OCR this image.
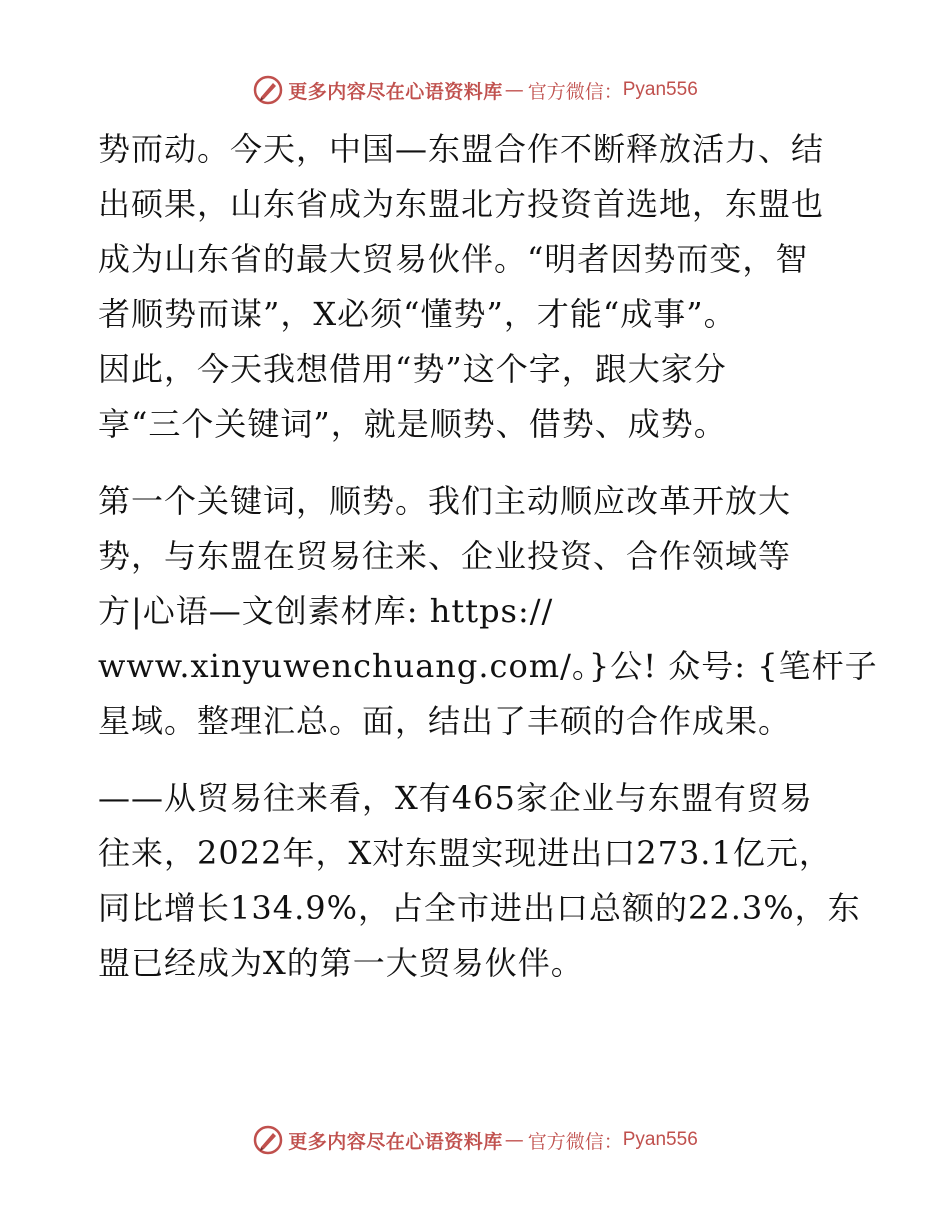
更多内容尽在心语资料库 — 官方微信： Pyan556
势而动。今天，中国—东盟合作不断释放活力、结
出硕果，山东省成为东盟北方投资首选地，东盟也
成为山东省的最大贸易伙伴。“明者因势而变，智
者顺势而谋”，X必须“懂势”，才能“成事”。
因此，今天我想借用“势”这个字，跟大家分
享“三个关键词”，就是顺势、借势、成势。
第一个关键词，顺势。我们主动顺应改革开放大
势，与东盟在贸易往来、企业投资、合作领域等
方|心语—文创素材库: https://
www.xinyuwenchuang.com/。}公! 众号: {笔杆子
星域。整理汇总。面，结出了丰硕的合作成果。
——从贸易往来看，X有465家企业与东盟有贸易
往来，2022年，X对东盟实现进出口273.1亿元，
同比增长134.9%，占全市进出口总额的22.3%，东
盟已经成为X的第一大贸易伙伴。
更多内容尽在心语资料库 — 官方微信： Pyan556
